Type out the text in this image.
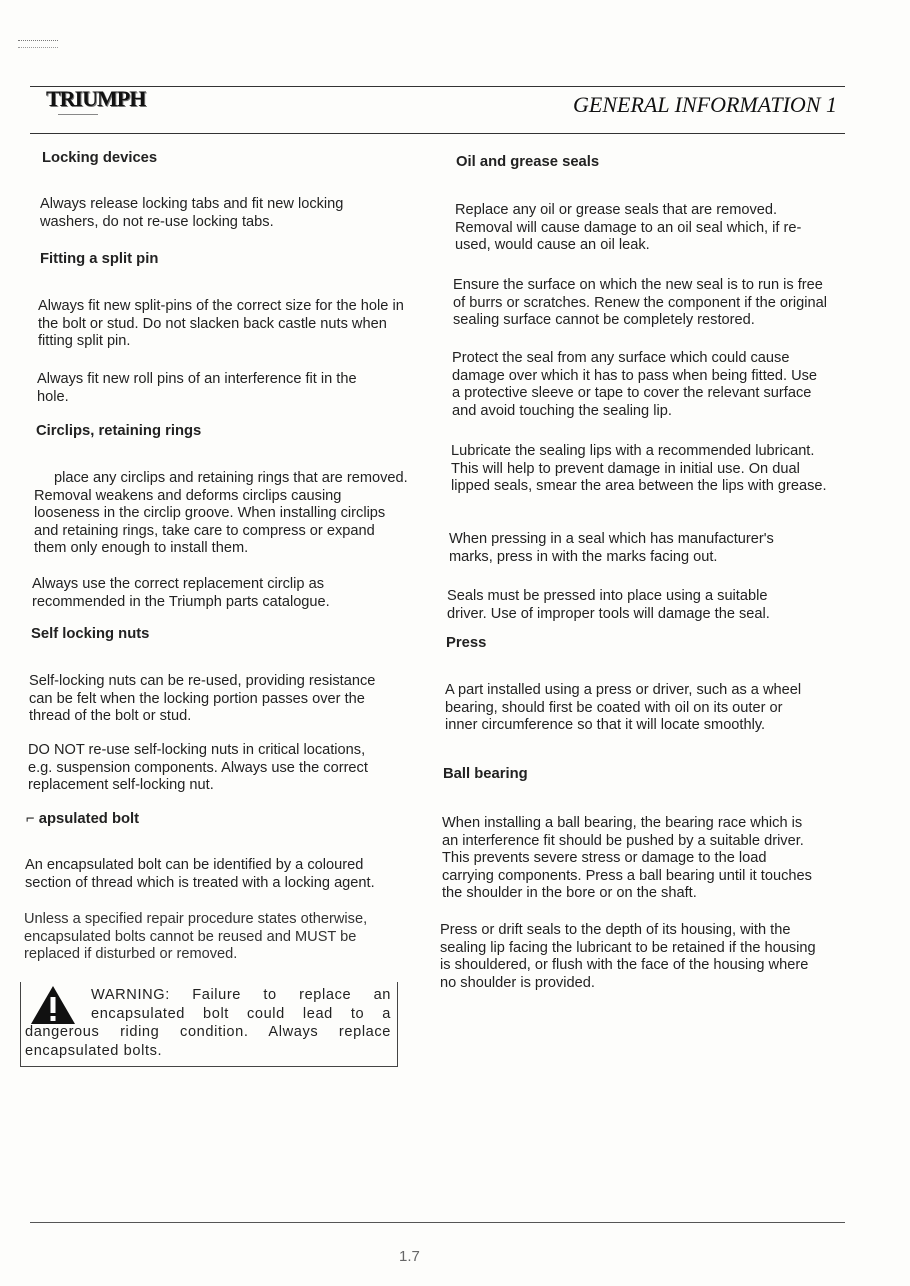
TRIUMPH	GENERAL INFORMATION 1
Locking devices

Always release locking tabs and fit new locking washers, do not re-use locking tabs.

Fitting a split pin

Always fit new split-pins of the correct size for the hole in the bolt or stud. Do not slacken back castle nuts when fitting split pin.

Always fit new roll pins of an interference fit in the hole.

Circlips, retaining rings

place any circlips and retaining rings that are removed. Removal weakens and deforms circlips causing looseness in the circlip groove. When installing circlips and retaining rings, take care to compress or expand them only enough to install them.

Always use the correct replacement circlip as recommended in the Triumph parts catalogue.

Self locking nuts

Self-locking nuts can be re-used, providing resistance can be felt when the locking portion passes over the thread of the bolt or stud.

DO NOT re-use self-locking nuts in critical locations, e.g. suspension components. Always use the correct replacement self-locking nut.

⌐ apsulated bolt

An encapsulated bolt can be identified by a coloured section of thread which is treated with a locking agent.

Unless a specified repair procedure states otherwise, encapsulated bolts cannot be reused and MUST be replaced if disturbed or removed.

WARNING: Failure to replace an
encapsulated bolt could lead to a
dangerous riding condition. Always replace
encapsulated bolts.
Oil and grease seals

Replace any oil or grease seals that are removed. Removal will cause damage to an oil seal which, if re-used, would cause an oil leak.

Ensure the surface on which the new seal is to run is free of burrs or scratches. Renew the component if the original sealing surface cannot be completely restored.

Protect the seal from any surface which could cause damage over which it has to pass when being fitted. Use a protective sleeve or tape to cover the relevant surface and avoid touching the sealing lip.

Lubricate the sealing lips with a recommended lubricant. This will help to prevent damage in initial use. On dual lipped seals, smear the area between the lips with grease.

When pressing in a seal which has manufacturer's marks, press in with the marks facing out.

Seals must be pressed into place using a suitable driver. Use of improper tools will damage the seal.

Press

A part installed using a press or driver, such as a wheel bearing, should first be coated with oil on its outer or inner circumference so that it will locate smoothly.

Ball bearing

When installing a ball bearing, the bearing race which is an interference fit should be pushed by a suitable driver. This prevents severe stress or damage to the load carrying components. Press a ball bearing until it touches the shoulder in the bore or on the shaft.

Press or drift seals to the depth of its housing, with the sealing lip facing the lubricant to be retained if the housing is shouldered, or flush with the face of the housing where no shoulder is provided.

1.7
